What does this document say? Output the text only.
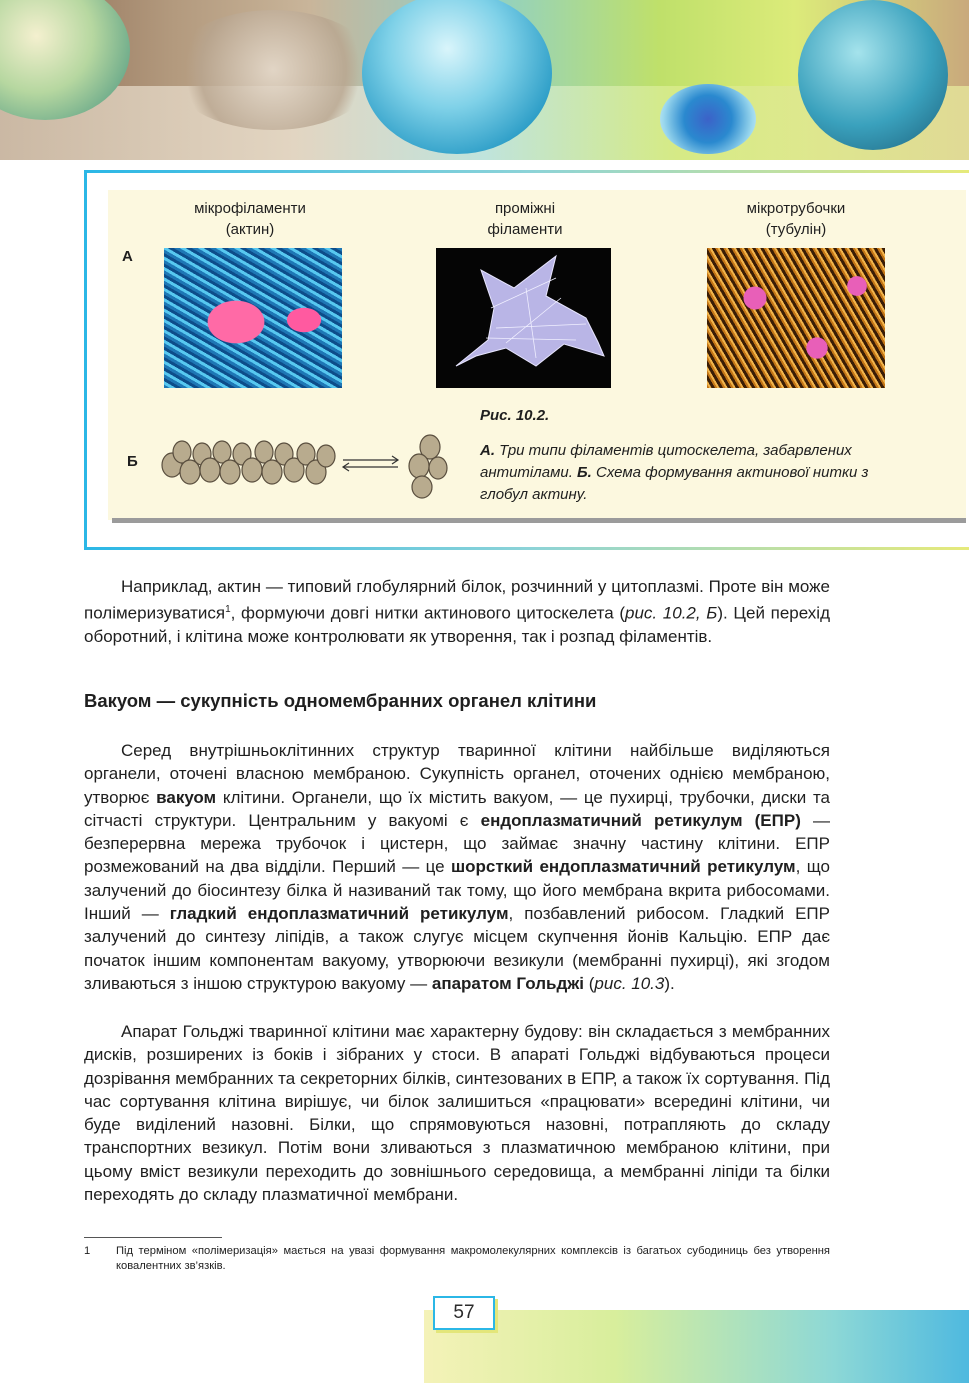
мікрофіламенти
(актин)
проміжні
філаменти
мікротрубочки
(тубулін)
А
Б
Рис. 10.2.
А. Три типи філаментів цитоскелета, забарвлених антитілами. Б. Схема формування актинової нитки з глобул актину.
Наприклад, актин — типовий глобулярний білок, розчинний у цитоплазмі. Проте він може полімеризуватися$^1$, формуючи довгі нитки актинового цитоскелета (рис. 10.2, Б). Цей перехід оборотний, і клітина може контролювати як утворення, так і розпад філаментів.
Вакуом — сукупність одномембранних органел клітини
Серед внутрішньоклітинних структур тваринної клітини найбільше виділяються органели, оточені власною мембраною. Сукупність органел, оточених однією мембраною, утворює вакуом клітини. Органели, що їх містить вакуом, — це пухирці, трубочки, диски та сітчасті структури. Центральним у вакуомі є ендоплазматичний ретикулум (ЕПР) — безперервна мережа трубочок і цистерн, що займає значну частину клітини. ЕПР розмежований на два відділи. Перший — це шорсткий ендоплазматичний ретикулум, що залучений до біосинтезу білка й називаний так тому, що його мембрана вкрита рибосомами. Інший — гладкий ендоплазматичний ретикулум, позбавлений рибосом. Гладкий ЕПР залучений до синтезу ліпідів, а також слугує місцем скупчення йонів Кальцію. ЕПР дає початок іншим компонентам вакуому, утворюючи везикули (мембранні пухирці), які згодом зливаються з іншою структурою вакуому — апаратом Гольджі (рис. 10.3).
Апарат Гольджі тваринної клітини має характерну будову: він складається з мембранних дисків, розширених із боків і зібраних у стоси. В апараті Гольджі відбуваються процеси дозрівання мембранних та секреторних білків, синтезованих в ЕПР, а також їх сортування. Під час сортування клітина вирішує, чи білок залишиться «працювати» всередині клітини, чи буде виділений назовні. Білки, що спрямовуються назовні, потрапляють до складу транспортних везикул. Потім вони зливаються з плазматичною мембраною клітини, при цьому вміст везикули переходить до зовнішнього середовища, а мембранні ліпіди та білки переходять до складу плазматичної мембрани.
1 Під терміном «полімеризація» мається на увазі формування макромолекулярних комплексів із багатьох субодиниць без утворення ковалентних зв’язків.
57
